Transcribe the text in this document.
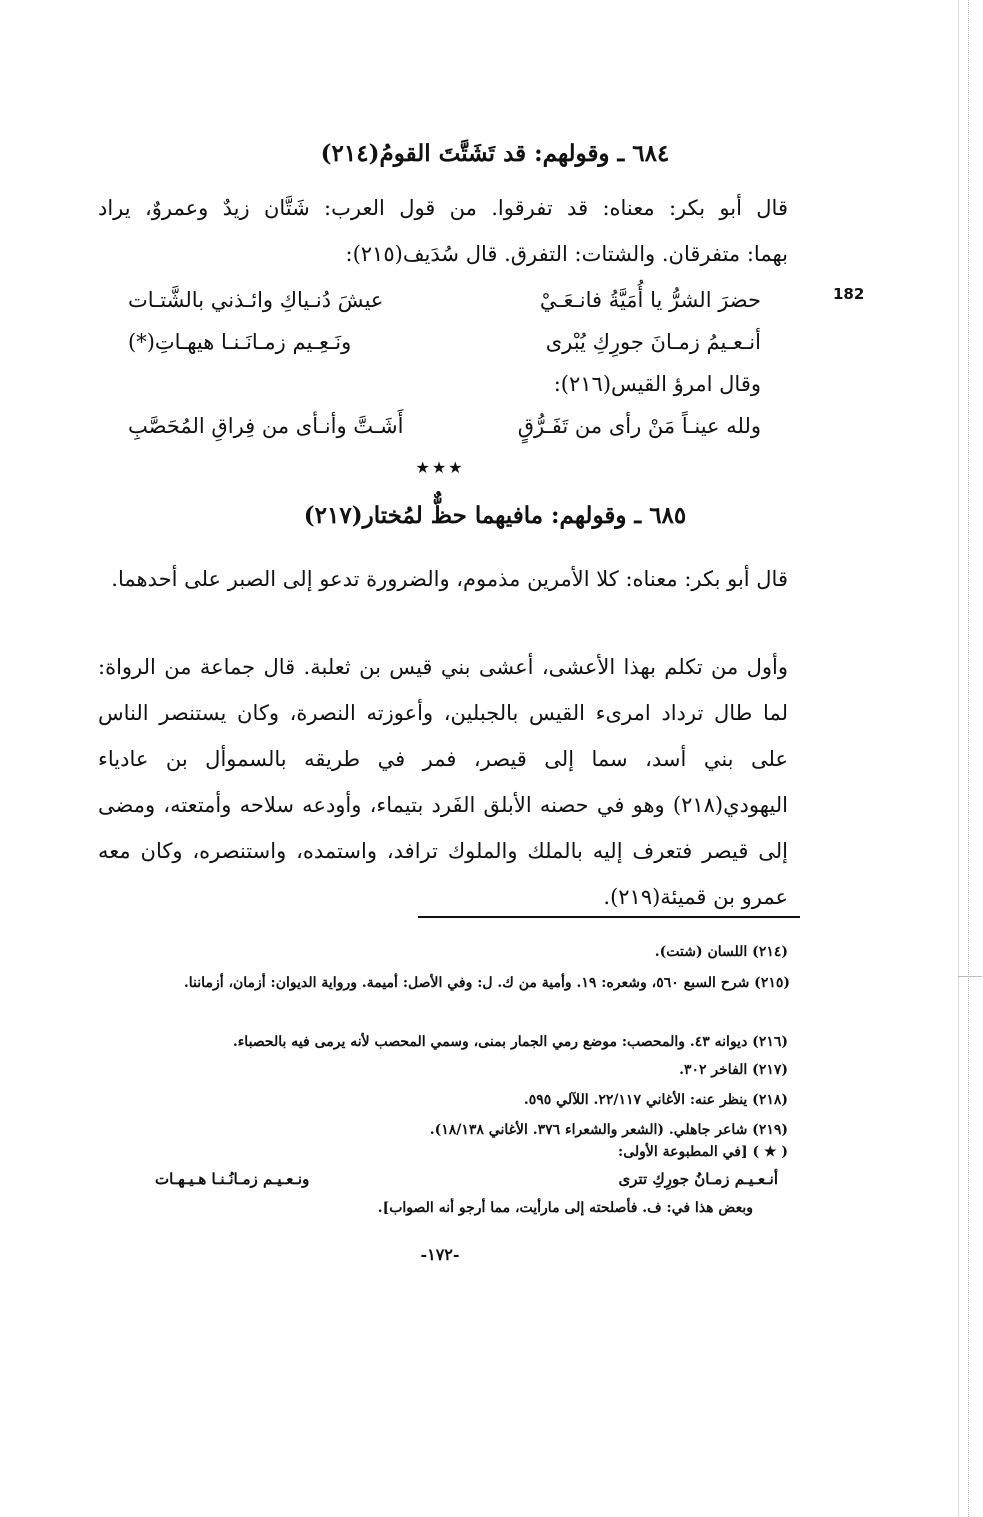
182
٦٨٤ ـ وقولهم: قد تَشَتَّتَ القومُ(٢١٤)
قال أبو بكر: معناه: قد تفرقوا. من قول العرب: شَتَّان زيدٌ وعمروٌ، يراد
بهما: متفرقان. والشتات: التفرق. قال سُدَيف(٢١٥):
حضرَ الشرُّ يا أُمَيَّةُ فانـعَـيْ
عيشَ دُنـياكِ وائـذني بالشَّتـات
أنـعـيمُ زمـانَ جورِكِ يُبْرى
ونَـعِـيم زمـانَـنـا هيهـاتِ(*)
وقال امرؤ القيس(٢١٦):
ولله عينـاً مَنْ رأى من تَفَـرُّقٍ
أَشَـتَّ وأنـأى من فِراقِ المُحَصَّبِ
★★★
٦٨٥ ـ وقولهم: مافيهما حظٌّ لمُختار(٢١٧)
قال أبو بكر: معناه: كلا الأمرين مذموم، والضرورة تدعو إلى الصبر على أحدهما.
وأول من تكلم بهذا الأعشى، أعشى بني قيس بن ثعلبة. قال جماعة من الرواة: لما طال ترداد امرىء القيس بالجبلين، وأعوزته النصرة، وكان يستنصر الناس على بني أسد، سما إلى قيصر، فمر في طريقه بالسموأل بن عادياء اليهودي(٢١٨) وهو في حصنه الأبلق الفَرد بتيماء، وأودعه سلاحه وأمتعته، ومضى إلى قيصر فتعرف إليه بالملك والملوك ترافد، واستمده، واستنصره، وكان معه عمرو بن قميئة(٢١٩).
(٢١٤) اللسان (شتت).
(٢١٥) شرح السبع ٥٦٠، وشعره: ١٩. وأمية من ك. ل: وفي الأصل: أميمة. ورواية الديوان: أزمان، أزماننا.
(٢١٦) ديوانه ٤٣. والمحصب: موضع رمي الجمار بمنى، وسمي المحصب لأنه يرمى فيه بالحصباء.
(٢١٧) الفاخر ٣٠٢.
(٢١٨) ينظر عنه: الأغاني ٢٢/١١٧. اللآلي ٥٩٥.
(٢١٩) شاعر جاهلي. (الشعر والشعراء ٣٧٦. الأغاني ١٨/١٣٨).
( ★ ) [في المطبوعة الأولى:
أنـعـيـم زمـانُ جورِكِ تترى
ونـعـيـم زمـانُـنـا هـيـهـات
وبعض هذا في: ف. فأصلحته إلى مارأيت، مما أرجو أنه الصواب].
-١٧٢-
